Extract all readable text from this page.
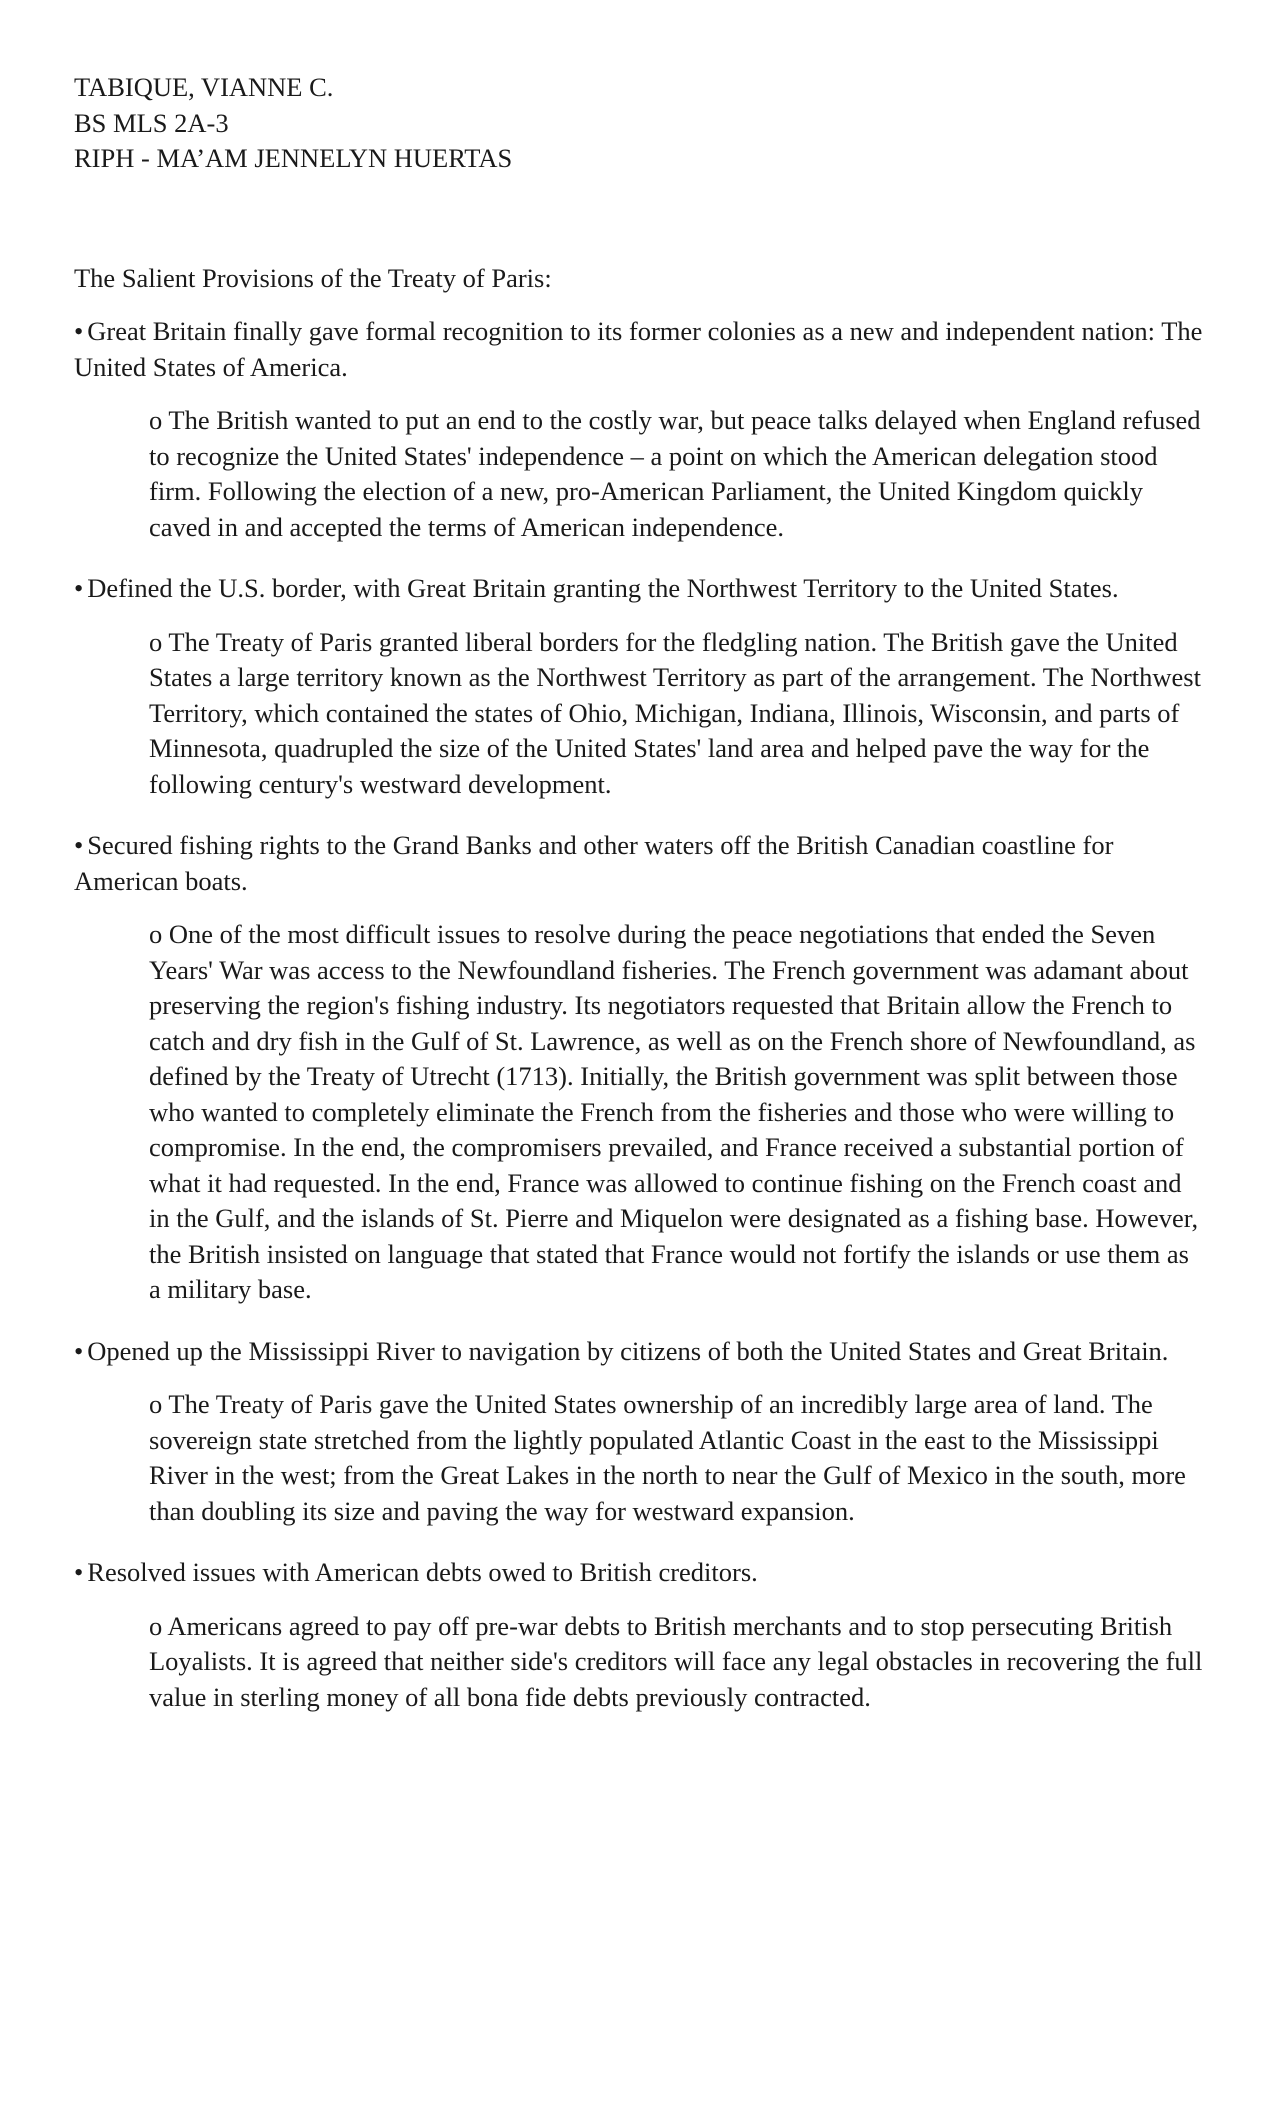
TABIQUE, VIANNE C.
BS MLS 2A-3
RIPH - MA’AM JENNELYN HUERTAS

The Salient Provisions of the Treaty of Paris:

• Great Britain finally gave formal recognition to its former colonies as a new and independent nation: The United States of America.

o The British wanted to put an end to the costly war, but peace talks delayed when England refused to recognize the United States' independence – a point on which the American delegation stood firm. Following the election of a new, pro-American Parliament, the United Kingdom quickly caved in and accepted the terms of American independence.

• Defined the U.S. border, with Great Britain granting the Northwest Territory to the United States.

o The Treaty of Paris granted liberal borders for the fledgling nation. The British gave the United States a large territory known as the Northwest Territory as part of the arrangement. The Northwest Territory, which contained the states of Ohio, Michigan, Indiana, Illinois, Wisconsin, and parts of Minnesota, quadrupled the size of the United States' land area and helped pave the way for the following century's westward development.

• Secured fishing rights to the Grand Banks and other waters off the British Canadian coastline for American boats.

o One of the most difficult issues to resolve during the peace negotiations that ended the Seven Years' War was access to the Newfoundland fisheries. The French government was adamant about preserving the region's fishing industry. Its negotiators requested that Britain allow the French to catch and dry fish in the Gulf of St. Lawrence, as well as on the French shore of Newfoundland, as defined by the Treaty of Utrecht (1713). Initially, the British government was split between those who wanted to completely eliminate the French from the fisheries and those who were willing to compromise. In the end, the compromisers prevailed, and France received a substantial portion of what it had requested. In the end, France was allowed to continue fishing on the French coast and in the Gulf, and the islands of St. Pierre and Miquelon were designated as a fishing base. However, the British insisted on language that stated that France would not fortify the islands or use them as a military base.

• Opened up the Mississippi River to navigation by citizens of both the United States and Great Britain.

o The Treaty of Paris gave the United States ownership of an incredibly large area of land. The sovereign state stretched from the lightly populated Atlantic Coast in the east to the Mississippi River in the west; from the Great Lakes in the north to near the Gulf of Mexico in the south, more than doubling its size and paving the way for westward expansion.

• Resolved issues with American debts owed to British creditors.

o Americans agreed to pay off pre-war debts to British merchants and to stop persecuting British Loyalists. It is agreed that neither side's creditors will face any legal obstacles in recovering the full value in sterling money of all bona fide debts previously contracted.
